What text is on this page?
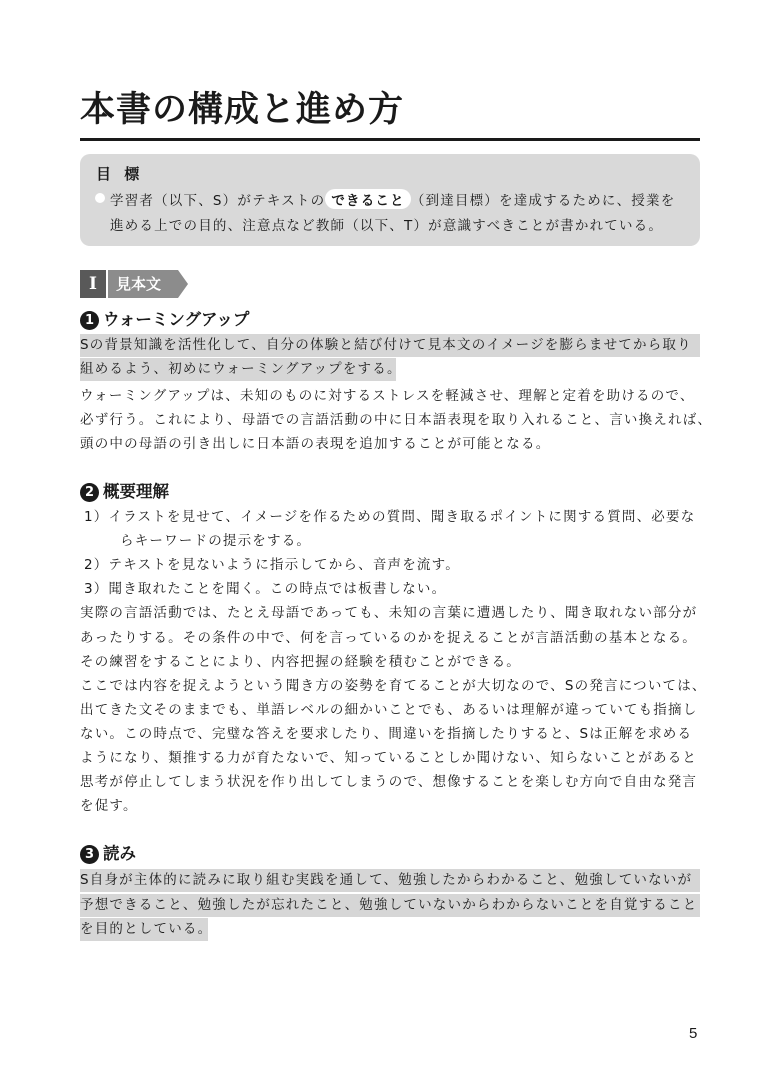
本書の構成と進め方
目 標
学習者（以下、S）がテキストの できること （到達目標）を達成するために、授業を
進める上での目的、注意点など教師（以下、T）が意識すべきことが書かれている。
I	見本文
1 ウォーミングアップ
Sの背景知識を活性化して、自分の体験と結び付けて見本文のイメージを膨らませてから取り
組めるよう、初めにウォーミングアップをする。
ウォーミングアップは、未知のものに対するストレスを軽減させ、理解と定着を助けるので、
必ず行う。これにより、母語での言語活動の中に日本語表現を取り入れること、言い換えれば、
頭の中の母語の引き出しに日本語の表現を追加することが可能となる。
2 概要理解
1）イラストを見せて、イメージを作るための質問、聞き取るポイントに関する質問、必要な
らキーワードの提示をする。
2）テキストを見ないように指示してから、音声を流す。
3）聞き取れたことを聞く。この時点では板書しない。
実際の言語活動では、たとえ母語であっても、未知の言葉に遭遇したり、聞き取れない部分が
あったりする。その条件の中で、何を言っているのかを捉えることが言語活動の基本となる。
その練習をすることにより、内容把握の経験を積むことができる。
ここでは内容を捉えようという聞き方の姿勢を育てることが大切なので、Sの発言については、
出てきた文そのままでも、単語レベルの細かいことでも、あるいは理解が違っていても指摘し
ない。この時点で、完璧な答えを要求したり、間違いを指摘したりすると、Sは正解を求める
ようになり、類推する力が育たないで、知っていることしか聞けない、知らないことがあると
思考が停止してしまう状況を作り出してしまうので、想像することを楽しむ方向で自由な発言
を促す。
3 読み
S自身が主体的に読みに取り組む実践を通して、勉強したからわかること、勉強していないが
予想できること、勉強したが忘れたこと、勉強していないからわからないことを自覚すること
を目的としている。
5
